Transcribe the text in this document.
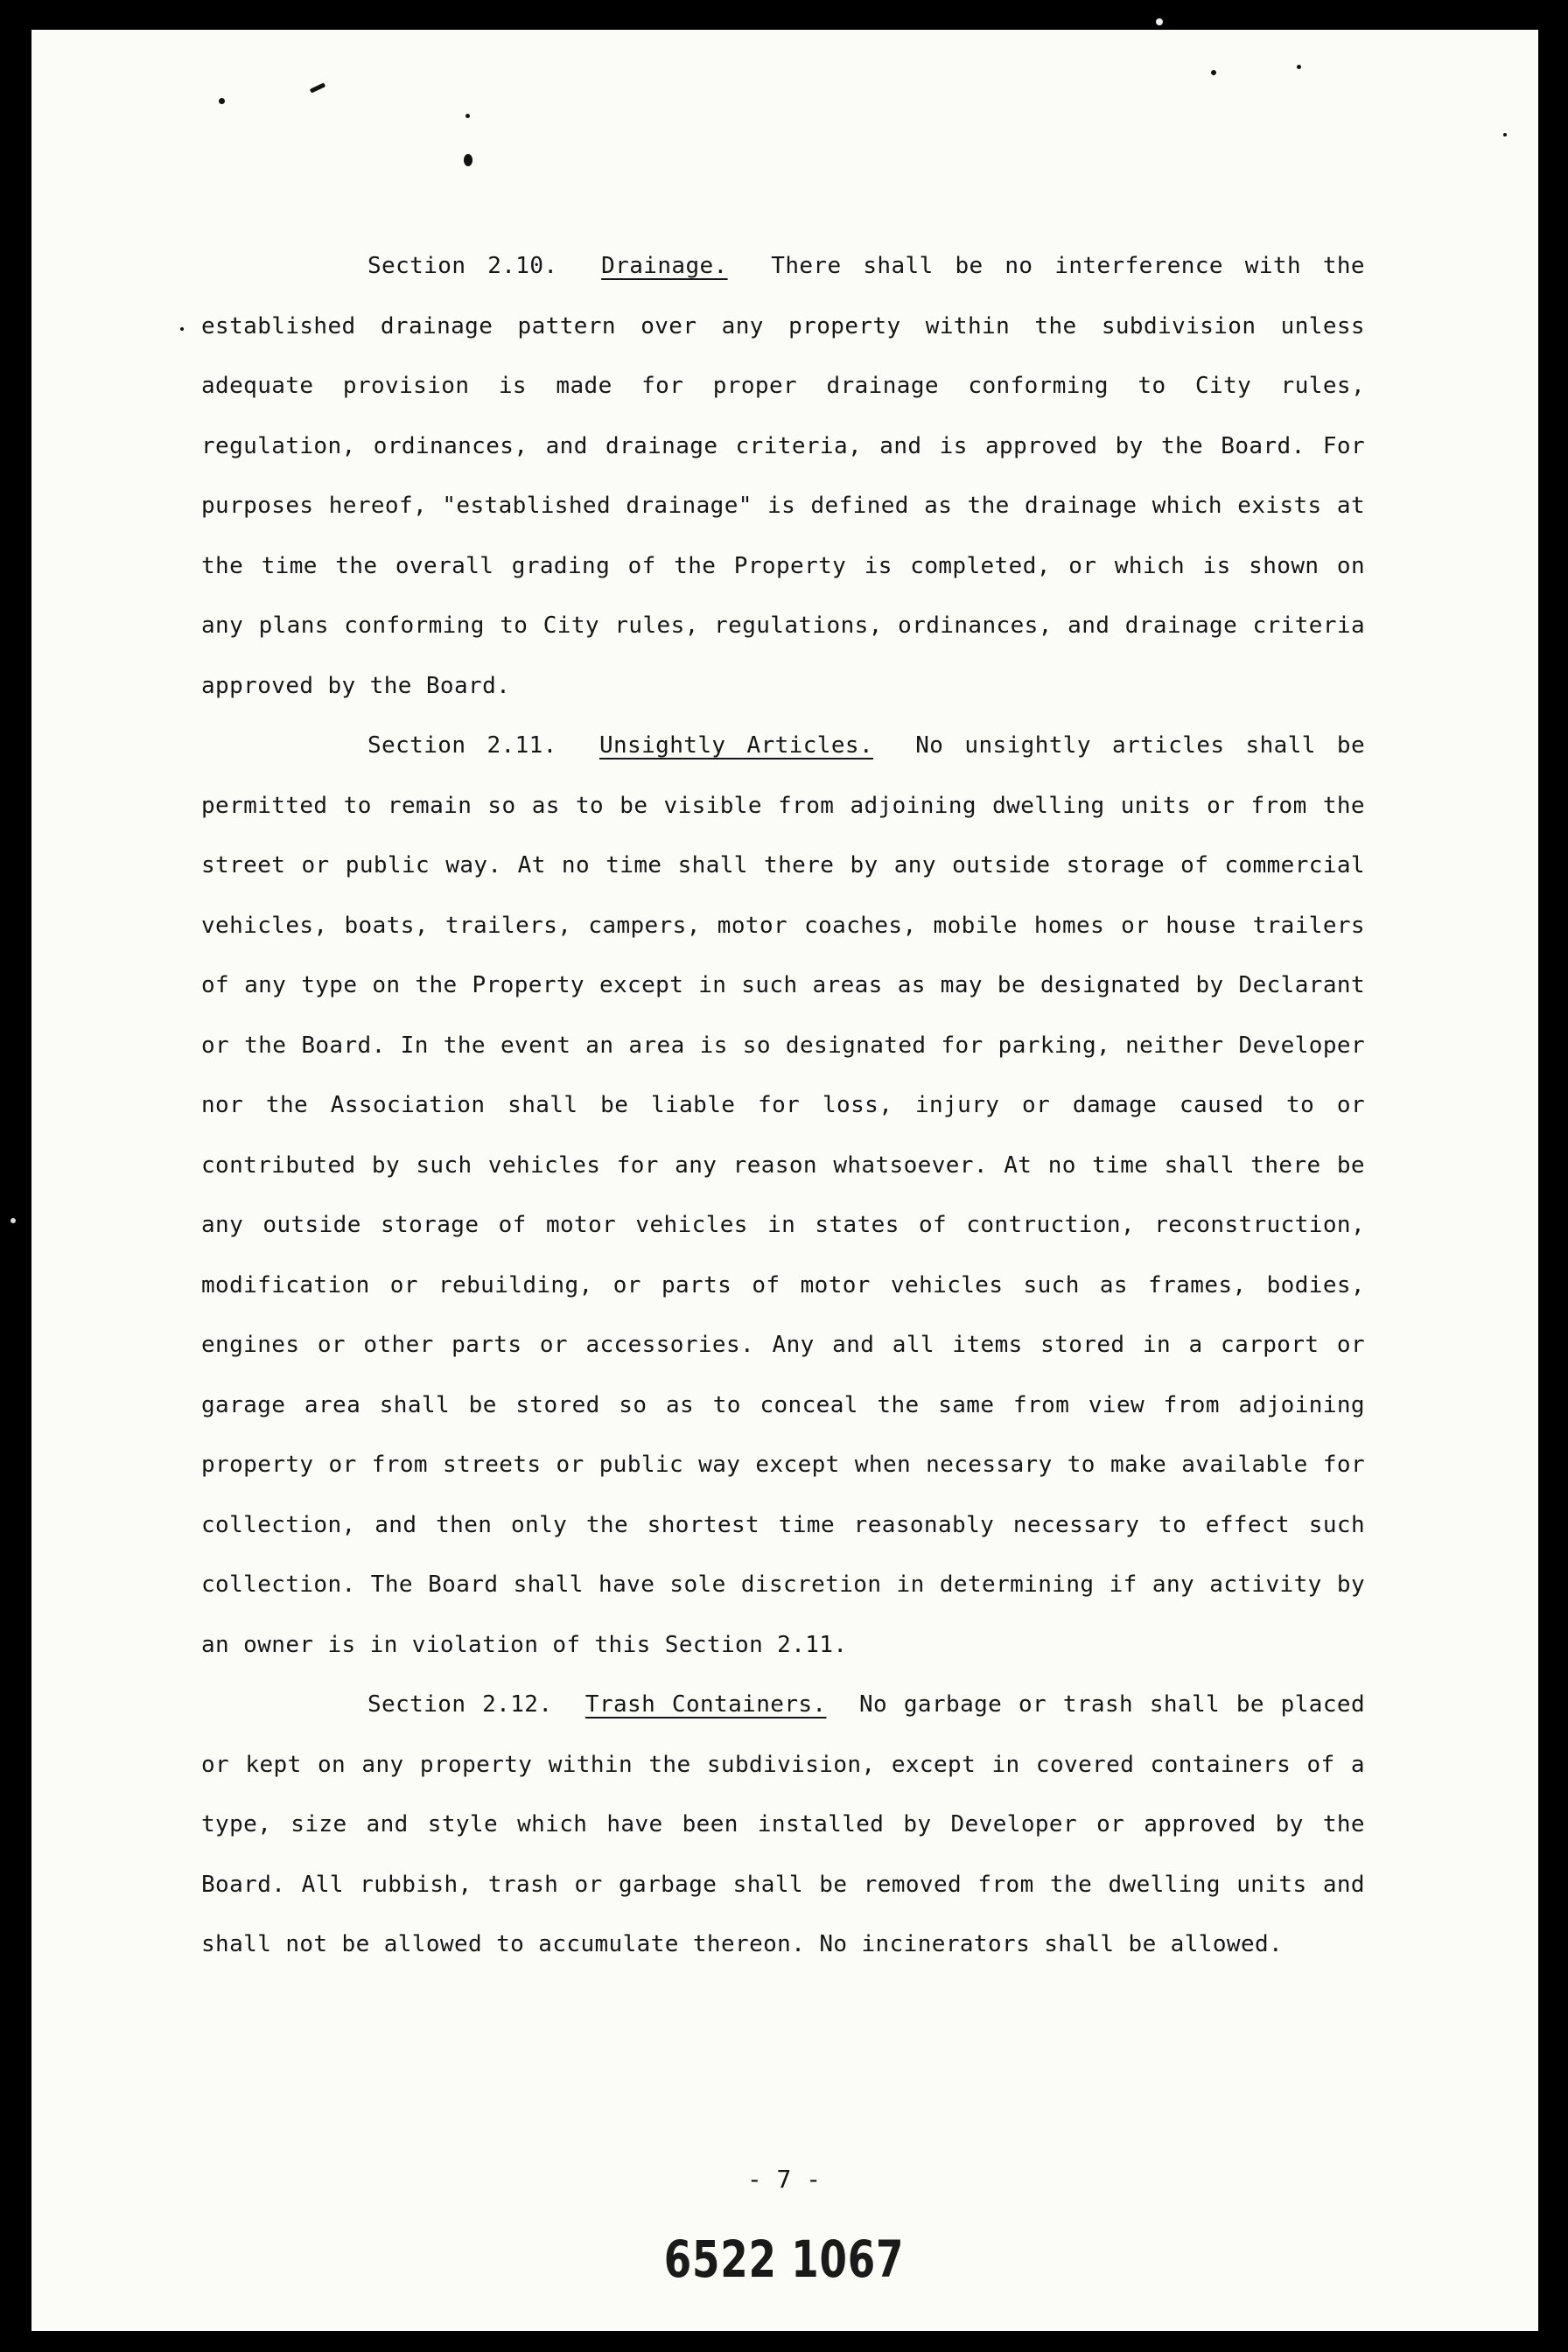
Section 2.10. Drainage. There shall be no interference with the established drainage pattern over any property within the subdivision unless adequate provision is made for proper drainage conforming to City rules, regulation, ordinances, and drainage criteria, and is approved by the Board. For purposes hereof, "established drainage" is defined as the drainage which exists at the time the overall grading of the Property is completed, or which is shown on any plans conforming to City rules, regulations, ordinances, and drainage criteria approved by the Board.

Section 2.11. Unsightly Articles. No unsightly articles shall be permitted to remain so as to be visible from adjoining dwelling units or from the street or public way. At no time shall there by any outside storage of commercial vehicles, boats, trailers, campers, motor coaches, mobile homes or house trailers of any type on the Property except in such areas as may be designated by Declarant or the Board. In the event an area is so designated for parking, neither Developer nor the Association shall be liable for loss, injury or damage caused to or contributed by such vehicles for any reason whatsoever. At no time shall there be any outside storage of motor vehicles in states of contruction, reconstruction, modification or rebuilding, or parts of motor vehicles such as frames, bodies, engines or other parts or accessories. Any and all items stored in a carport or garage area shall be stored so as to conceal the same from view from adjoining property or from streets or public way except when necessary to make available for collection, and then only the shortest time reasonably necessary to effect such collection. The Board shall have sole discretion in determining if any activity by an owner is in violation of this Section 2.11.

Section 2.12. Trash Containers. No garbage or trash shall be placed or kept on any property within the subdivision, except in covered containers of a type, size and style which have been installed by Developer or approved by the Board. All rubbish, trash or garbage shall be removed from the dwelling units and shall not be allowed to accumulate thereon. No incinerators shall be allowed.

- 7 -
6522 1067
